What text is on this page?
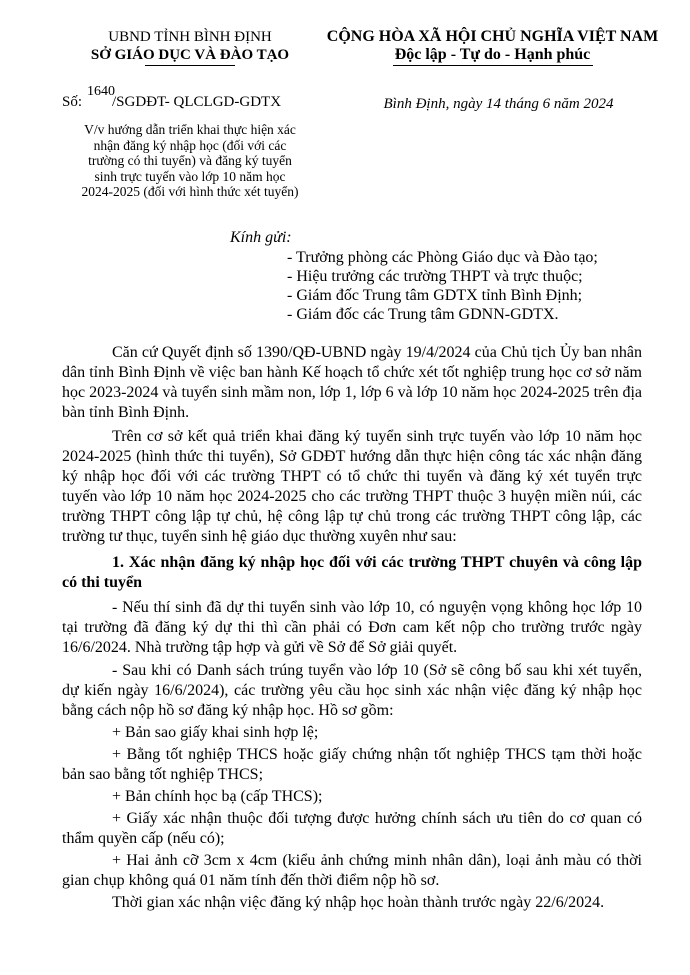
UBND TỈNH BÌNH ĐỊNH
SỞ GIÁO DỤC VÀ ĐÀO TẠO
1640
Số: /SGDĐT- QLCLGD-GDTX
V/v hướng dẫn triển khai thực hiện xác
nhận đăng ký nhập học (đối với các
trường có thi tuyển) và đăng ký tuyển
sinh trực tuyến vào lớp 10 năm học
2024-2025 (đối với hình thức xét tuyển)
CỘNG HÒA XÃ HỘI CHỦ NGHĨA VIỆT NAM
Độc lập - Tự do - Hạnh phúc
Bình Định, ngày 14 tháng 6 năm 2024
Kính gửi:
- Trưởng phòng các Phòng Giáo dục và Đào tạo;
- Hiệu trưởng các trường THPT và trực thuộc;
- Giám đốc Trung tâm GDTX tỉnh Bình Định;
- Giám đốc các Trung tâm GDNN-GDTX.
Căn cứ Quyết định số 1390/QĐ-UBND ngày 19/4/2024 của Chủ tịch Ủy ban nhân dân tỉnh Bình Định về việc ban hành Kế hoạch tổ chức xét tốt nghiệp trung học cơ sở năm học 2023-2024 và tuyển sinh mầm non, lớp 1, lớp 6 và lớp 10 năm học 2024-2025 trên địa bàn tỉnh Bình Định.
Trên cơ sở kết quả triển khai đăng ký tuyển sinh trực tuyến vào lớp 10 năm học 2024-2025 (hình thức thi tuyển), Sở GDĐT hướng dẫn thực hiện công tác xác nhận đăng ký nhập học đối với các trường THPT có tổ chức thi tuyển và đăng ký xét tuyển trực tuyến vào lớp 10 năm học 2024-2025 cho các trường THPT thuộc 3 huyện miền núi, các trường THPT công lập tự chủ, hệ công lập tự chủ trong các trường THPT công lập, các trường tư thục, tuyển sinh hệ giáo dục thường xuyên như sau:
1. Xác nhận đăng ký nhập học đối với các trường THPT chuyên và công lập có thi tuyển
- Nếu thí sinh đã dự thi tuyển sinh vào lớp 10, có nguyện vọng không học lớp 10 tại trường đã đăng ký dự thi thì cần phải có Đơn cam kết nộp cho trường trước ngày 16/6/2024. Nhà trường tập hợp và gửi về Sở để Sở giải quyết.
- Sau khi có Danh sách trúng tuyển vào lớp 10 (Sở sẽ công bố sau khi xét tuyển, dự kiến ngày 16/6/2024), các trường yêu cầu học sinh xác nhận việc đăng ký nhập học bằng cách nộp hồ sơ đăng ký nhập học. Hồ sơ gồm:
+ Bản sao giấy khai sinh hợp lệ;
+ Bằng tốt nghiệp THCS hoặc giấy chứng nhận tốt nghiệp THCS tạm thời hoặc bản sao bằng tốt nghiệp THCS;
+ Bản chính học bạ (cấp THCS);
+ Giấy xác nhận thuộc đối tượng được hưởng chính sách ưu tiên do cơ quan có thẩm quyền cấp (nếu có);
+ Hai ảnh cỡ 3cm x 4cm (kiểu ảnh chứng minh nhân dân), loại ảnh màu có thời gian chụp không quá 01 năm tính đến thời điểm nộp hồ sơ.
Thời gian xác nhận việc đăng ký nhập học hoàn thành trước ngày 22/6/2024.
